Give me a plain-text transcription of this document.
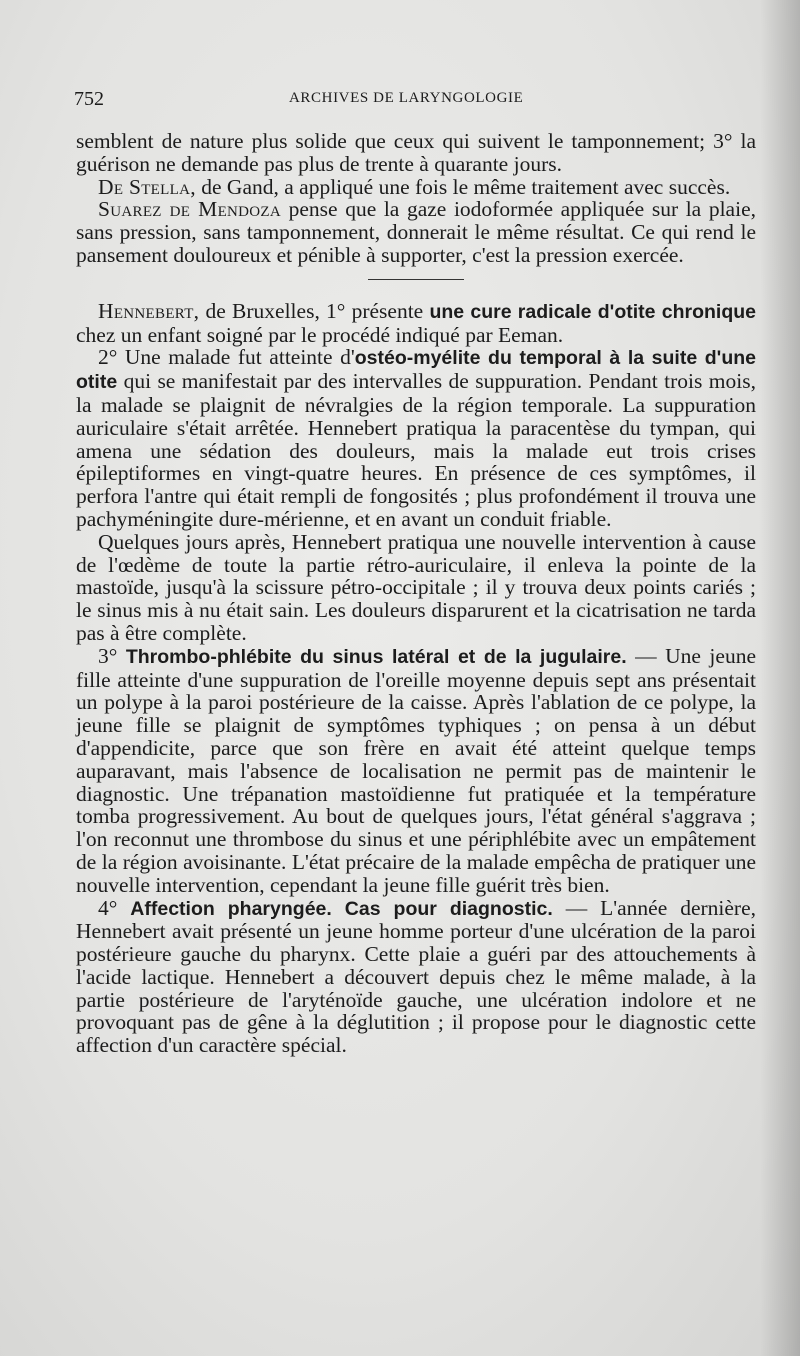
752	ARCHIVES DE LARYNGOLOGIE

semblent de nature plus solide que ceux qui suivent le tamponnement; 3° la guérison ne demande pas plus de trente à quarante jours.

De Stella, de Gand, a appliqué une fois le même traitement avec succès.

Suarez de Mendoza pense que la gaze iodoformée appliquée sur la plaie, sans pression, sans tamponnement, donnerait le même résultat. Ce qui rend le pansement douloureux et pénible à supporter, c'est la pression exercée.

Hennebert, de Bruxelles, 1° présente une cure radicale d'otite chronique chez un enfant soigné par le procédé indiqué par Eeman.

2° Une malade fut atteinte d'ostéo-myélite du temporal à la suite d'une otite qui se manifestait par des intervalles de suppuration. Pendant trois mois, la malade se plaignit de névralgies de la région temporale. La suppuration auriculaire s'était arrêtée. Hennebert pratiqua la paracentèse du tympan, qui amena une sédation des douleurs, mais la malade eut trois crises épileptiformes en vingt-quatre heures. En présence de ces symptômes, il perfora l'antre qui était rempli de fongosités ; plus profondément il trouva une pachyméningite dure-mérienne, et en avant un conduit friable.

Quelques jours après, Hennebert pratiqua une nouvelle intervention à cause de l'œdème de toute la partie rétro-auriculaire, il enleva la pointe de la mastoïde, jusqu'à la scissure pétro-occipitale ; il y trouva deux points cariés ; le sinus mis à nu était sain. Les douleurs disparurent et la cicatrisation ne tarda pas à être complète.

3° Thrombo-phlébite du sinus latéral et de la jugulaire. — Une jeune fille atteinte d'une suppuration de l'oreille moyenne depuis sept ans présentait un polype à la paroi postérieure de la caisse. Après l'ablation de ce polype, la jeune fille se plaignit de symptômes typhiques ; on pensa à un début d'appendicite, parce que son frère en avait été atteint quelque temps auparavant, mais l'absence de localisation ne permit pas de maintenir le diagnostic. Une trépanation mastoïdienne fut pratiquée et la température tomba progressivement. Au bout de quelques jours, l'état général s'aggrava ; l'on reconnut une thrombose du sinus et une périphlébite avec un empâtement de la région avoisinante. L'état précaire de la malade empêcha de pratiquer une nouvelle intervention, cependant la jeune fille guérit très bien.

4° Affection pharyngée. Cas pour diagnostic. — L'année dernière, Hennebert avait présenté un jeune homme porteur d'une ulcération de la paroi postérieure gauche du pharynx. Cette plaie a guéri par des attouchements à l'acide lactique. Hennebert a découvert depuis chez le même malade, à la partie postérieure de l'aryténoïde gauche, une ulcération indolore et ne provoquant pas de gêne à la déglutition ; il propose pour le diagnostic cette affection d'un caractère spécial.
